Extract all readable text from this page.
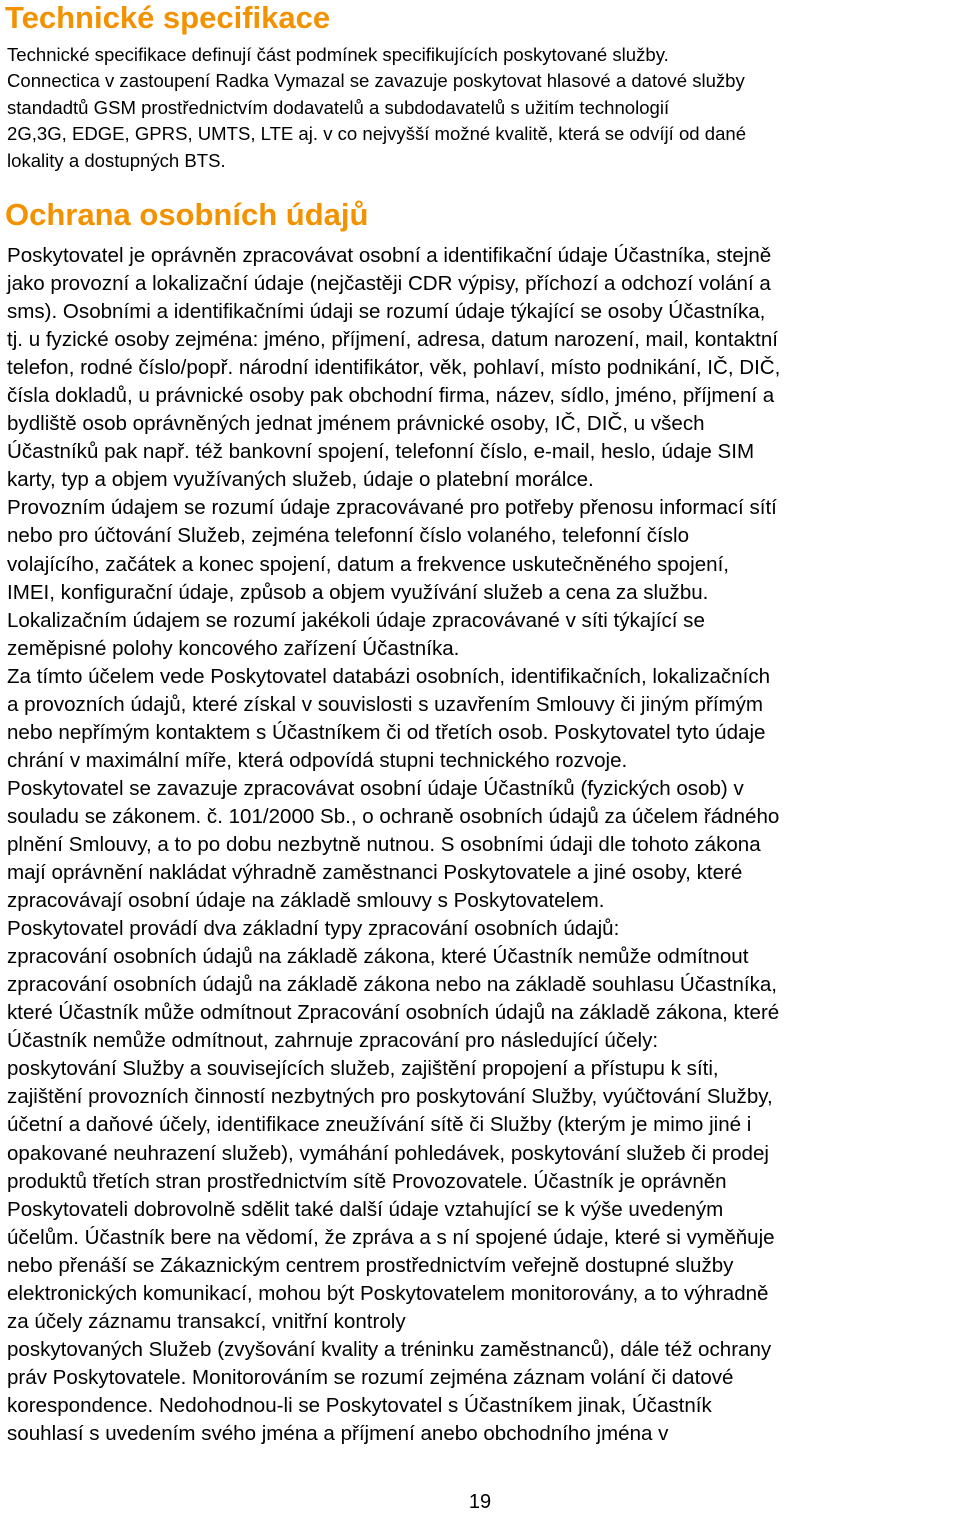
Technické specifikace
Technické specifikace definují část podmínek specifikujících poskytované služby.
Connectica v zastoupení Radka Vymazal se zavazuje poskytovat hlasové a datové služby
standadtů GSM prostřednictvím dodavatelů a subdodavatelů s užitím technologií
2G,3G, EDGE, GPRS, UMTS, LTE aj. v co nejvyšší možné kvalitě, která se odvíjí od dané
lokality a dostupných BTS.
Ochrana osobních údajů
Poskytovatel je oprávněn zpracovávat osobní a identifikační údaje Účastníka, stejně
jako provozní a lokalizační údaje (nejčastěji CDR výpisy, příchozí a odchozí volání a
sms). Osobními a identifikačními údaji se rozumí údaje týkající se osoby Účastníka,
tj. u fyzické osoby zejména: jméno, příjmení, adresa, datum narození, mail, kontaktní
telefon, rodné číslo/popř. národní identifikátor, věk, pohlaví, místo podnikání, IČ, DIČ,
čísla dokladů, u právnické osoby pak obchodní firma, název, sídlo, jméno, příjmení a
bydliště osob oprávněných jednat jménem právnické osoby, IČ, DIČ, u všech
Účastníků pak např. též bankovní spojení, telefonní číslo, e-mail, heslo, údaje SIM
karty, typ a objem využívaných služeb, údaje o platební morálce.
Provozním údajem se rozumí údaje zpracovávané pro potřeby přenosu informací sítí
nebo pro účtování Služeb, zejména telefonní číslo volaného, telefonní číslo
volajícího, začátek a konec spojení, datum a frekvence uskutečněného spojení,
IMEI, konfigurační údaje, způsob a objem využívání služeb a cena za službu.
Lokalizačním údajem se rozumí jakékoli údaje zpracovávané v síti týkající se
zeměpisné polohy koncového zařízení Účastníka.
Za tímto účelem vede Poskytovatel databázi osobních, identifikačních, lokalizačních
a provozních údajů, které získal v souvislosti s uzavřením Smlouvy či jiným přímým
nebo nepřímým kontaktem s Účastníkem či od třetích osob. Poskytovatel tyto údaje
chrání v maximální míře, která odpovídá stupni technického rozvoje.
Poskytovatel se zavazuje zpracovávat osobní údaje Účastníků (fyzických osob) v
souladu se zákonem. č. 101/2000 Sb., o ochraně osobních údajů za účelem řádného
plnění Smlouvy, a to po dobu nezbytně nutnou. S osobními údaji dle tohoto zákona
mají oprávnění nakládat výhradně zaměstnanci Poskytovatele a jiné osoby, které
zpracovávají osobní údaje na základě smlouvy s Poskytovatelem.
Poskytovatel provádí dva základní typy zpracování osobních údajů:
zpracování osobních údajů na základě zákona, které Účastník nemůže odmítnout
zpracování osobních údajů na základě zákona nebo na základě souhlasu Účastníka,
které Účastník může odmítnout Zpracování osobních údajů na základě zákona, které
Účastník nemůže odmítnout, zahrnuje zpracování pro následující účely:
poskytování Služby a souvisejících služeb, zajištění propojení a přístupu k síti,
zajištění provozních činností nezbytných pro poskytování Služby, vyúčtování Služby,
účetní a daňové účely, identifikace zneužívání sítě či Služby (kterým je mimo jiné i
opakované neuhrazení služeb), vymáhání pohledávek, poskytování služeb či prodej
produktů třetích stran prostřednictvím sítě Provozovatele. Účastník je oprávněn
Poskytovateli dobrovolně sdělit také další údaje vztahující se k výše uvedeným
účelům. Účastník bere na vědomí, že zpráva a s ní spojené údaje, které si vyměňuje
nebo přenáší se Zákaznickým centrem prostřednictvím veřejně dostupné služby
elektronických komunikací, mohou být Poskytovatelem monitorovány, a to výhradně
za účely záznamu transakcí, vnitřní kontroly
poskytovaných Služeb (zvyšování kvality a tréninku zaměstnanců), dále též ochrany
práv Poskytovatele. Monitorováním se rozumí zejména záznam volání či datové
korespondence. Nedohodnou-li se Poskytovatel s Účastníkem jinak, Účastník
souhlasí s uvedením svého jména a příjmení anebo obchodního jména v
19
